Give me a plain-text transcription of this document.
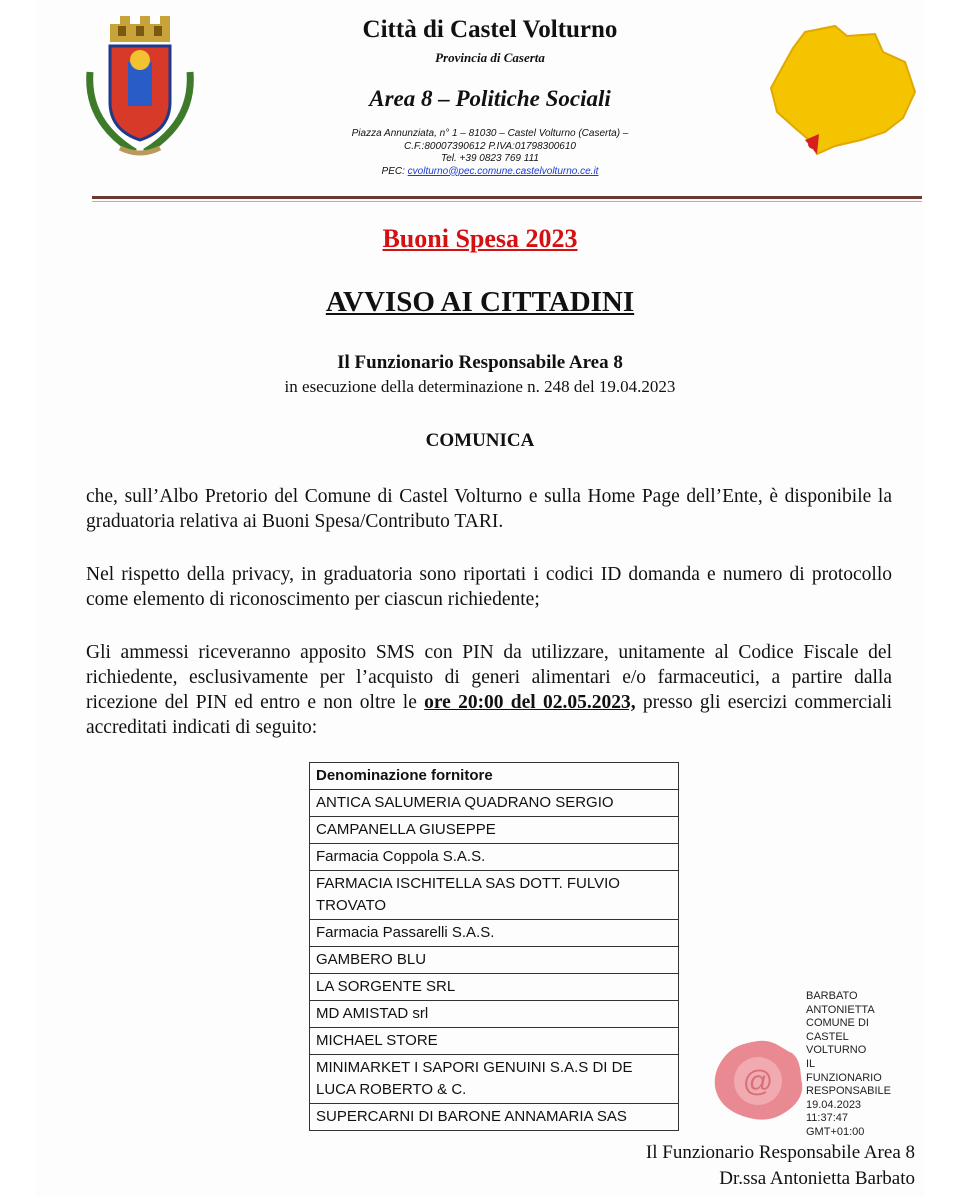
Città di Castel Volturno
Provincia di Caserta
Area 8 – Politiche Sociali
Piazza Annunziata, n° 1 – 81030 – Castel Volturno (Caserta) –
C.F.:80007390612 P.IVA:01798300610
Tel. +39 0823 769 111
PEC: cvolturno@pec.comune.castelvolturno.ce.it
Buoni Spesa 2023
AVVISO AI CITTADINI
Il Funzionario Responsabile Area 8
in esecuzione della determinazione n. 248 del 19.04.2023
COMUNICA
che, sull’Albo Pretorio del Comune di Castel Volturno e sulla Home Page dell’Ente, è disponibile la graduatoria relativa ai Buoni Spesa/Contributo TARI.
Nel rispetto della privacy, in graduatoria sono riportati i codici ID domanda e numero di protocollo come elemento di riconoscimento per ciascun richiedente;
Gli ammessi riceveranno apposito SMS con PIN da utilizzare, unitamente al Codice Fiscale del richiedente, esclusivamente per l’acquisto di generi alimentari e/o farmaceutici, a partire dalla ricezione del PIN ed entro e non oltre le ore 20:00 del 02.05.2023, presso gli esercizi commerciali accreditati indicati di seguito:
Denominazione fornitore
ANTICA SALUMERIA QUADRANO SERGIO
CAMPANELLA GIUSEPPE
Farmacia Coppola S.A.S.
FARMACIA ISCHITELLA SAS DOTT. FULVIO TROVATO
Farmacia Passarelli S.A.S.
GAMBERO BLU
LA SORGENTE SRL
MD AMISTAD srl
MICHAEL STORE
MINIMARKET I SAPORI GENUINI S.A.S DI DE LUCA ROBERTO & C.
SUPERCARNI DI BARONE ANNAMARIA SAS
@
BARBATO
ANTONIETTA
COMUNE DI
CASTEL
VOLTURNO
IL
FUNZIONARIO
RESPONSABILE
19.04.2023
11:37:47
GMT+01:00
Il Funzionario Responsabile Area 8
Dr.ssa Antonietta Barbato
